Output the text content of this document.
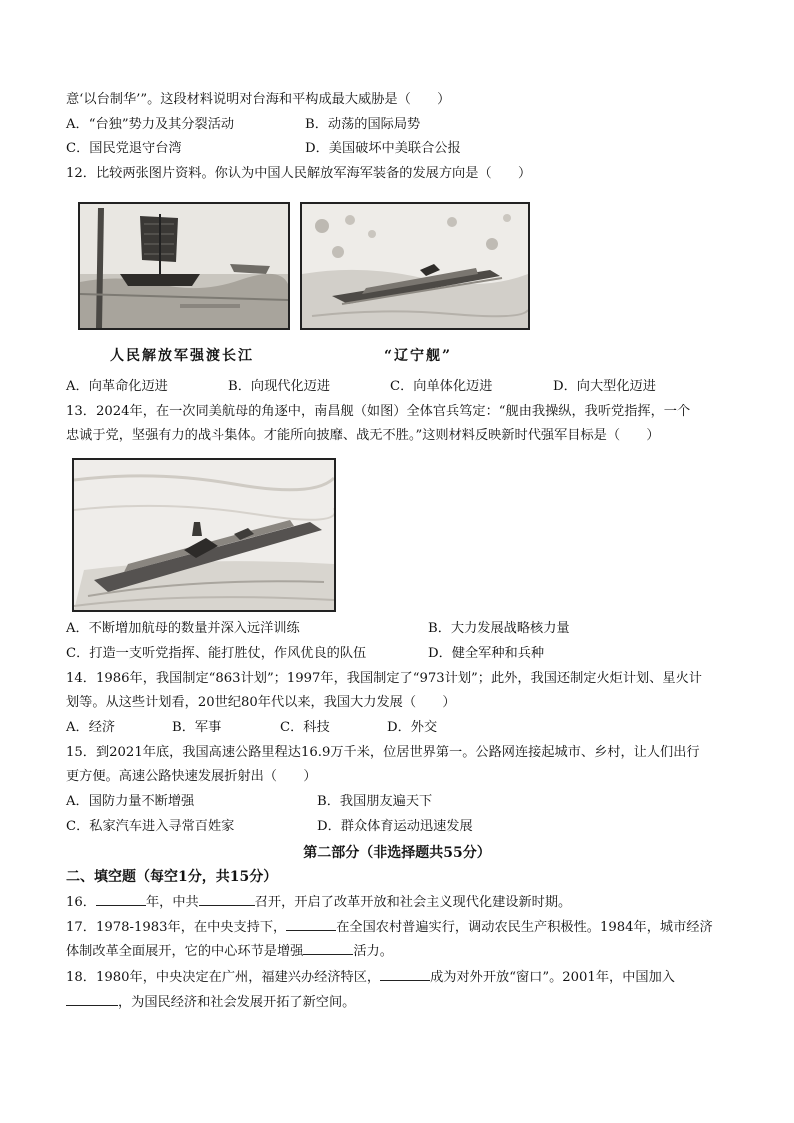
意‘以台制华’”。这段材料说明对台海和平构成最大威胁是（　　）
A．“台独”势力及其分裂活动	B．动荡的国际局势
C．国民党退守台湾	D．美国破坏中美联合公报
12．比较两张图片资料。你认为中国人民解放军海军装备的发展方向是（　　）
人民解放军强渡长江	“辽宁舰”
A．向革命化迈进	B．向现代化迈进	C．向单体化迈进	D．向大型化迈进
13．2024年，在一次同美航母的角逐中，南昌舰（如图）全体官兵笃定：“舰由我操纵，我听党指挥，一个
忠诚于党，坚强有力的战斗集体。才能所向披靡、战无不胜。”这则材料反映新时代强军目标是（　　）
A．不断增加航母的数量并深入远洋训练	B．大力发展战略核力量
C．打造一支听党指挥、能打胜仗，作风优良的队伍	D．健全军种和兵种
14．1986年，我国制定“863计划”；1997年，我国制定了“973计划”；此外，我国还制定火炬计划、星火计
划等。从这些计划看，20世纪80年代以来，我国大力发展（　　）
A．经济	B．军事	C．科技	D．外交
15．到2021年底，我国高速公路里程达16.9万千米，位居世界第一。公路网连接起城市、乡村，让人们出行
更方便。高速公路快速发展折射出（　　）
A．国防力量不断增强	B．我国朋友遍天下
C．私家汽车进入寻常百姓家	D．群众体育运动迅速发展
第二部分（非选择题共55分）
二、填空题（每空1分，共15分）
16．	年，中共	召开，开启了改革开放和社会主义现代化建设新时期。
17．1978-1983年，在中央支持下，	在全国农村普遍实行，调动农民生产积极性。1984年，城市经济
体制改革全面展开，它的中心环节是增强	活力。
18．1980年，中央决定在广州，福建兴办经济特区，	成为对外开放“窗口”。2001年，中国加入
，为国民经济和社会发展开拓了新空间。
